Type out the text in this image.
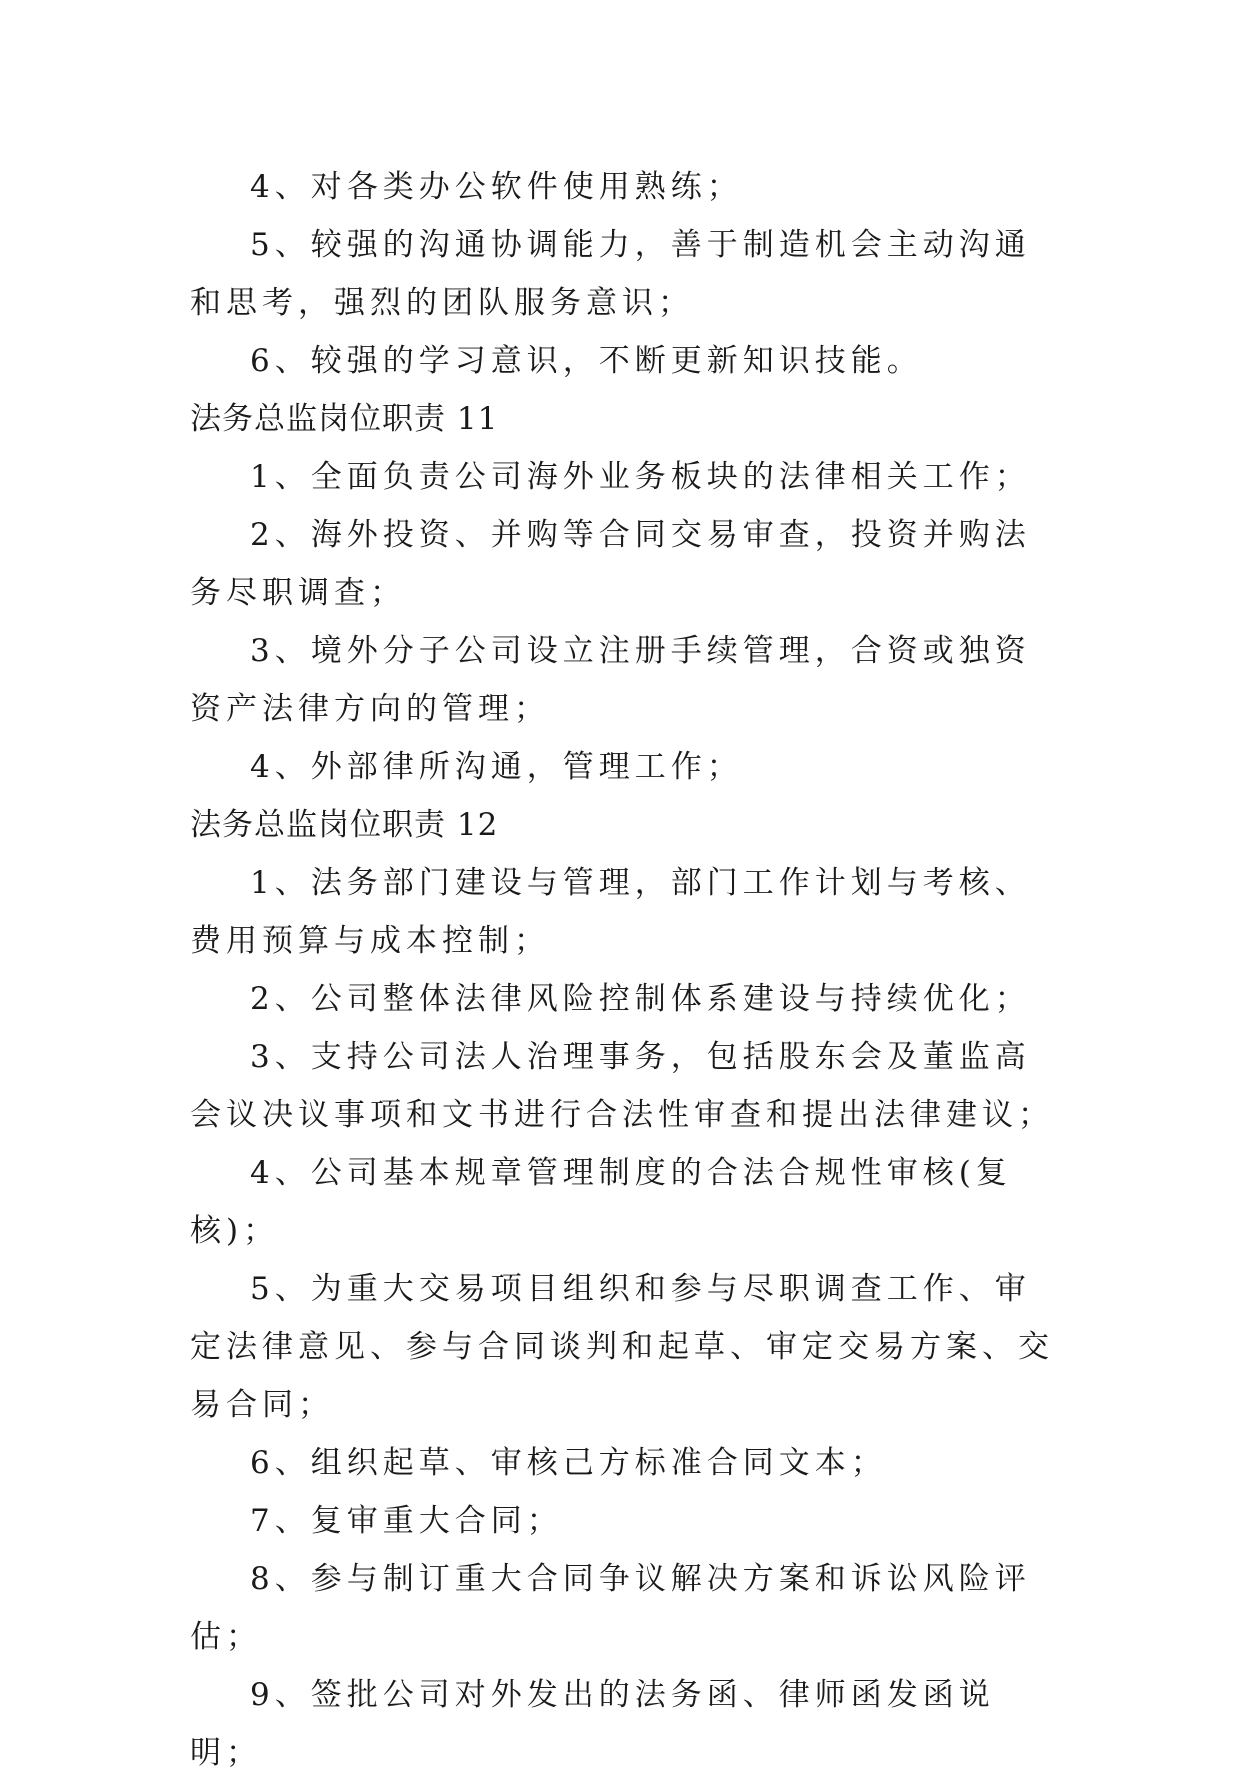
4、对各类办公软件使用熟练；

5、较强的沟通协调能力，善于制造机会主动沟通和思考，强烈的团队服务意识；

6、较强的学习意识，不断更新知识技能。

法务总监岗位职责 11

1、全面负责公司海外业务板块的法律相关工作；

2、海外投资、并购等合同交易审查，投资并购法务尽职调查；

3、境外分子公司设立注册手续管理，合资或独资资产法律方向的管理；

4、外部律所沟通，管理工作；

法务总监岗位职责 12

1、法务部门建设与管理，部门工作计划与考核、费用预算与成本控制；

2、公司整体法律风险控制体系建设与持续优化；

3、支持公司法人治理事务，包括股东会及董监高会议决议事项和文书进行合法性审查和提出法律建议；

4、公司基本规章管理制度的合法合规性审核(复核)；

5、为重大交易项目组织和参与尽职调查工作、审定法律意见、参与合同谈判和起草、审定交易方案、交易合同；

6、组织起草、审核己方标准合同文本；

7、复审重大合同；

8、参与制订重大合同争议解决方案和诉讼风险评估；

9、签批公司对外发出的法务函、律师函发函说明；
